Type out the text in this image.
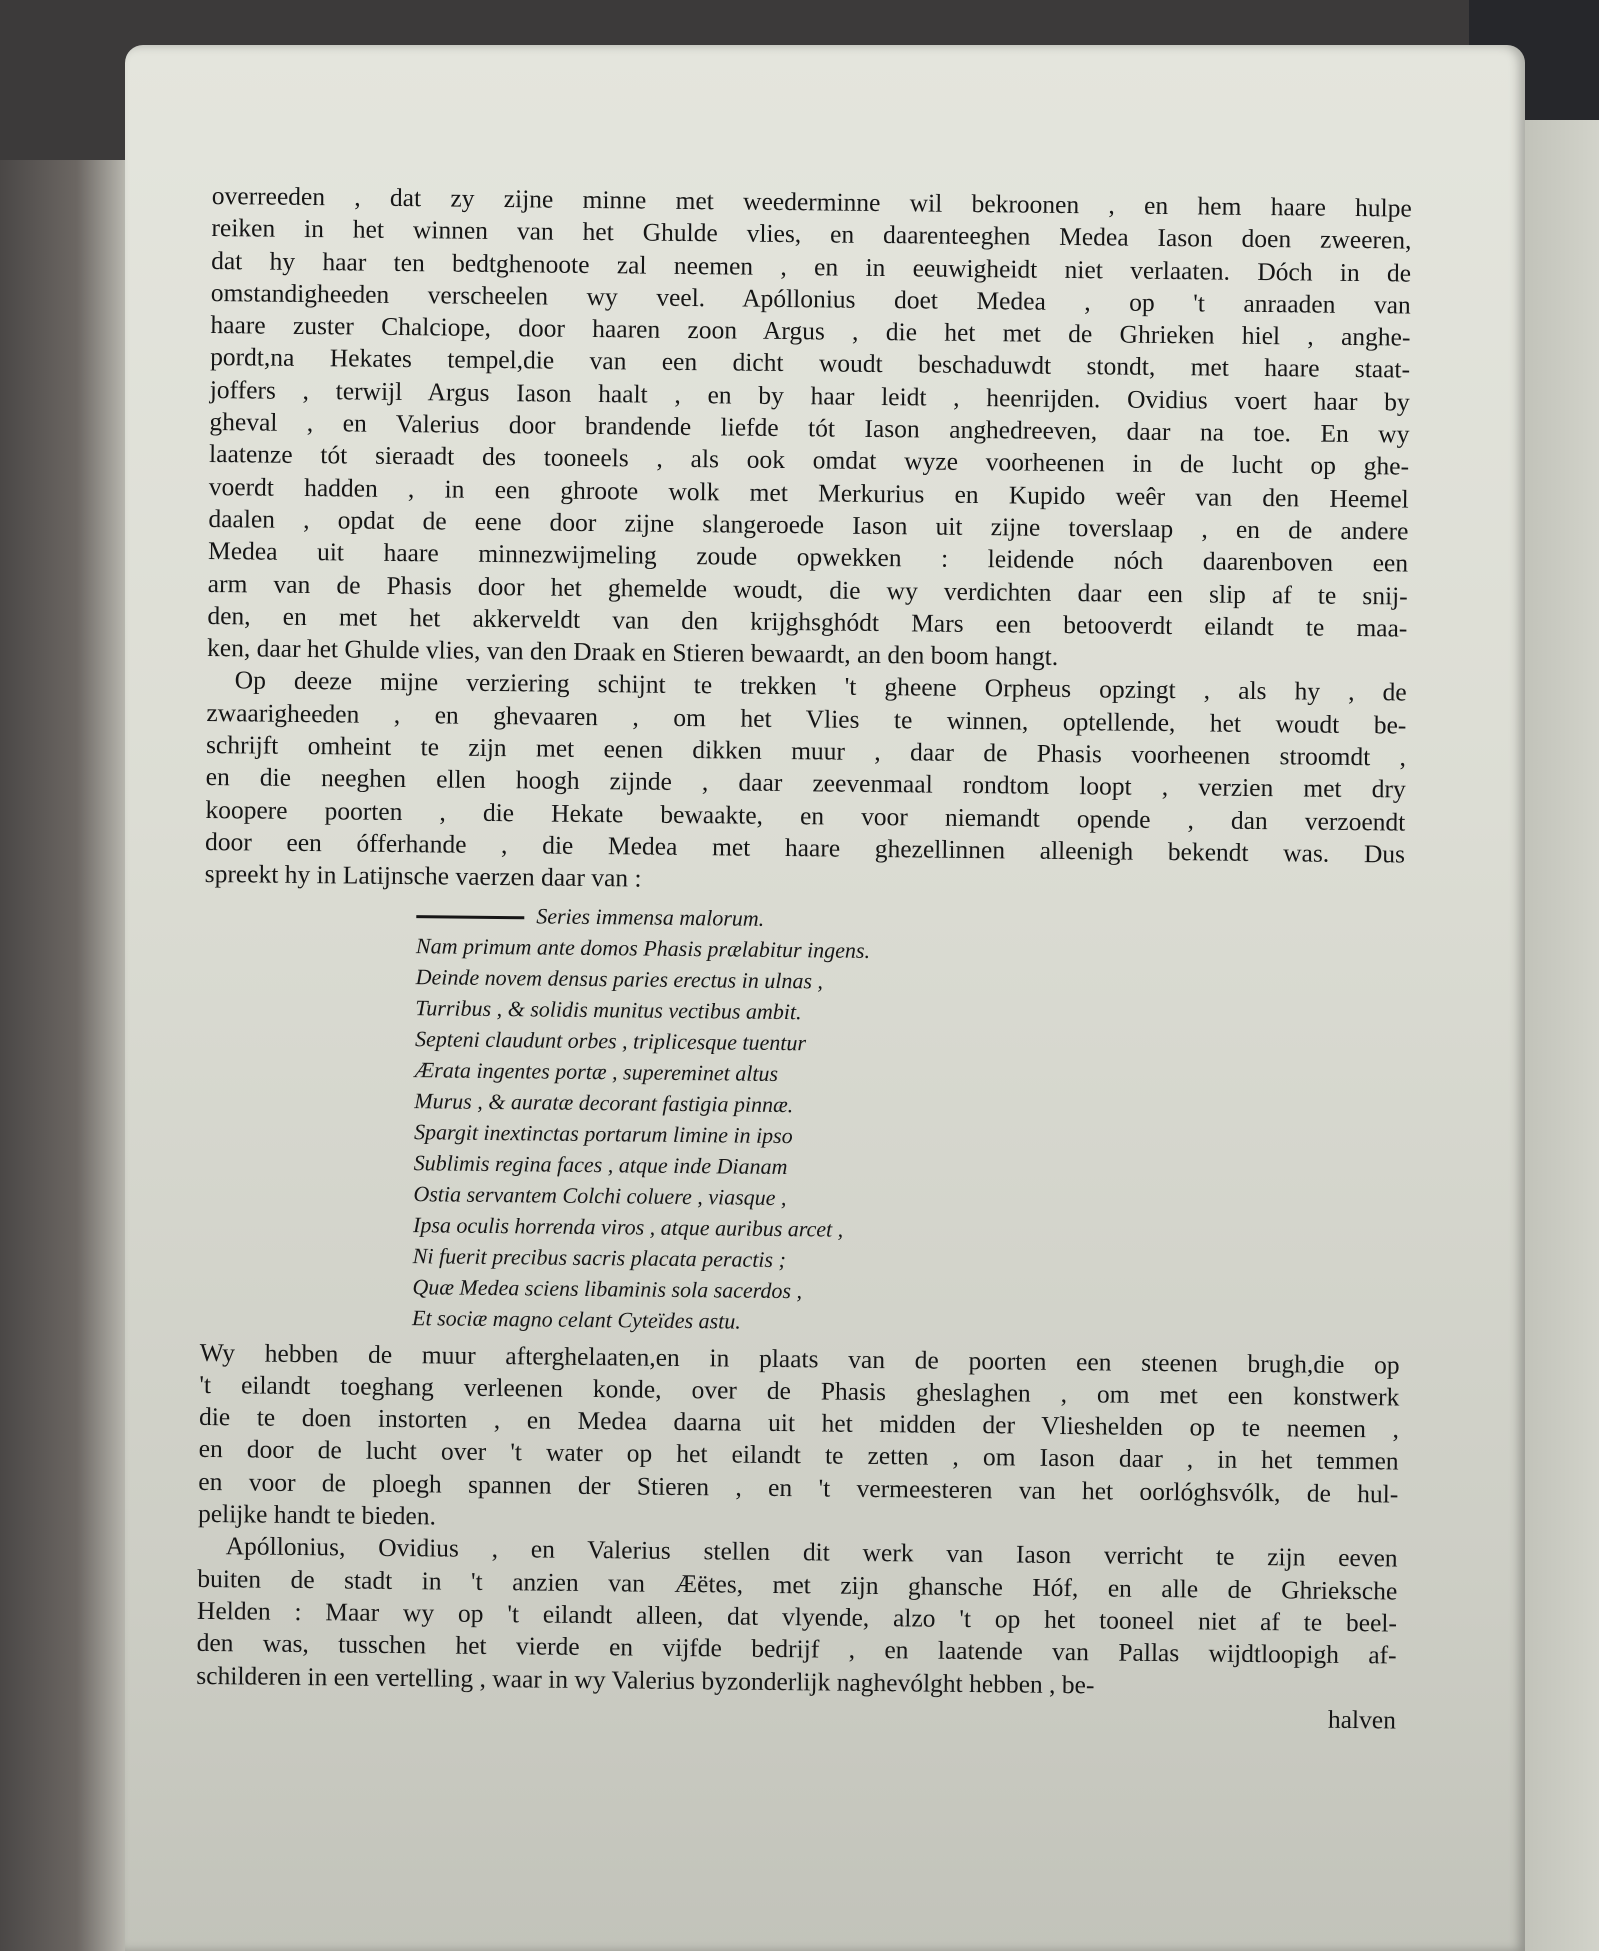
overreeden , dat zy zijne minne met weederminne wil bekroonen , en hem haare hulpe
reiken in het winnen van het Ghulde vlies, en daarenteeghen Medea Iason doen zweeren,
dat hy haar ten bedtghenoote zal neemen , en in eeuwigheidt niet verlaaten. Dóch in de
omstandigheeden verscheelen wy veel. Apóllonius doet Medea , op 't anraaden van
haare zuster Chalciope, door haaren zoon Argus , die het met de Ghrieken hiel , anghe-
pordt,na Hekates tempel,die van een dicht woudt beschaduwdt stondt, met haare staat-
joffers , terwijl Argus Iason haalt , en by haar leidt , heenrijden. Ovidius voert haar by
gheval , en Valerius door brandende liefde tót Iason anghedreeven, daar na toe. En wy
laatenze tót sieraadt des tooneels , als ook omdat wyze voorheenen in de lucht op ghe-
voerdt hadden , in een ghroote wolk met Merkurius en Kupido weêr van den Heemel
daalen , opdat de eene door zijne slangeroede Iason uit zijne toverslaap , en de andere
Medea uit haare minnezwijmeling zoude opwekken : leidende nóch daarenboven een
arm van de Phasis door het ghemelde woudt, die wy verdichten daar een slip af te snij-
den, en met het akkerveldt van den krijghsghódt Mars een betooverdt eilandt te maa-
ken, daar het Ghulde vlies, van den Draak en Stieren bewaardt, an den boom hangt.

Op deeze mijne verziering schijnt te trekken 't gheene Orpheus opzingt , als hy , de
zwaarigheeden , en ghevaaren , om het Vlies te winnen, optellende, het woudt be-
schrijft omheint te zijn met eenen dikken muur , daar de Phasis voorheenen stroomdt ,
en die neeghen ellen hoogh zijnde , daar zeevenmaal rondtom loopt , verzien met dry
koopere poorten , die Hekate bewaakte, en voor niemandt opende , dan verzoendt
door een ófferhande , die Medea met haare ghezellinnen alleenigh bekendt was. Dus
spreekt hy in Latijnsche vaerzen daar van :

Series immensa malorum.
Nam primum ante domos Phasis prælabitur ingens.
Deinde novem densus paries erectus in ulnas ,
Turribus , & solidis munitus vectibus ambit.
Septeni claudunt orbes , triplicesque tuentur
Ærata ingentes portæ , supereminet altus
Murus , & auratæ decorant fastigia pinnæ.
Spargit inextinctas portarum limine in ipso
Sublimis regina faces , atque inde Dianam
Ostia servantem Colchi coluere , viasque ,
Ipsa oculis horrenda viros , atque auribus arcet ,
Ni fuerit precibus sacris placata peractis ;
Quæ Medea sciens libaminis sola sacerdos ,
Et sociæ magno celant Cyteïdes astu.

Wy hebben de muur afterghelaaten,en in plaats van de poorten een steenen brugh,die op
't eilandt toeghang verleenen konde, over de Phasis gheslaghen , om met een konstwerk
die te doen instorten , en Medea daarna uit het midden der Vlieshelden op te neemen ,
en door de lucht over 't water op het eilandt te zetten , om Iason daar , in het temmen
en voor de ploegh spannen der Stieren , en 't vermeesteren van het oorlóghsvólk, de hul-
pelijke handt te bieden.

Apóllonius, Ovidius , en Valerius stellen dit werk van Iason verricht te zijn eeven
buiten de stadt in 't anzien van Æëtes, met zijn ghansche Hóf, en alle de Ghriekschе
Helden : Maar wy op 't eilandt alleen, dat vlyende, alzo 't op het tooneel niet af te beel-
den was, tusschen het vierde en vijfde bedrijf , en laatende van Pallas wijdtloopigh af-
schilderen in een vertelling , waar in wy Valerius byzonderlijk naghevólght hebben , be-

halven
